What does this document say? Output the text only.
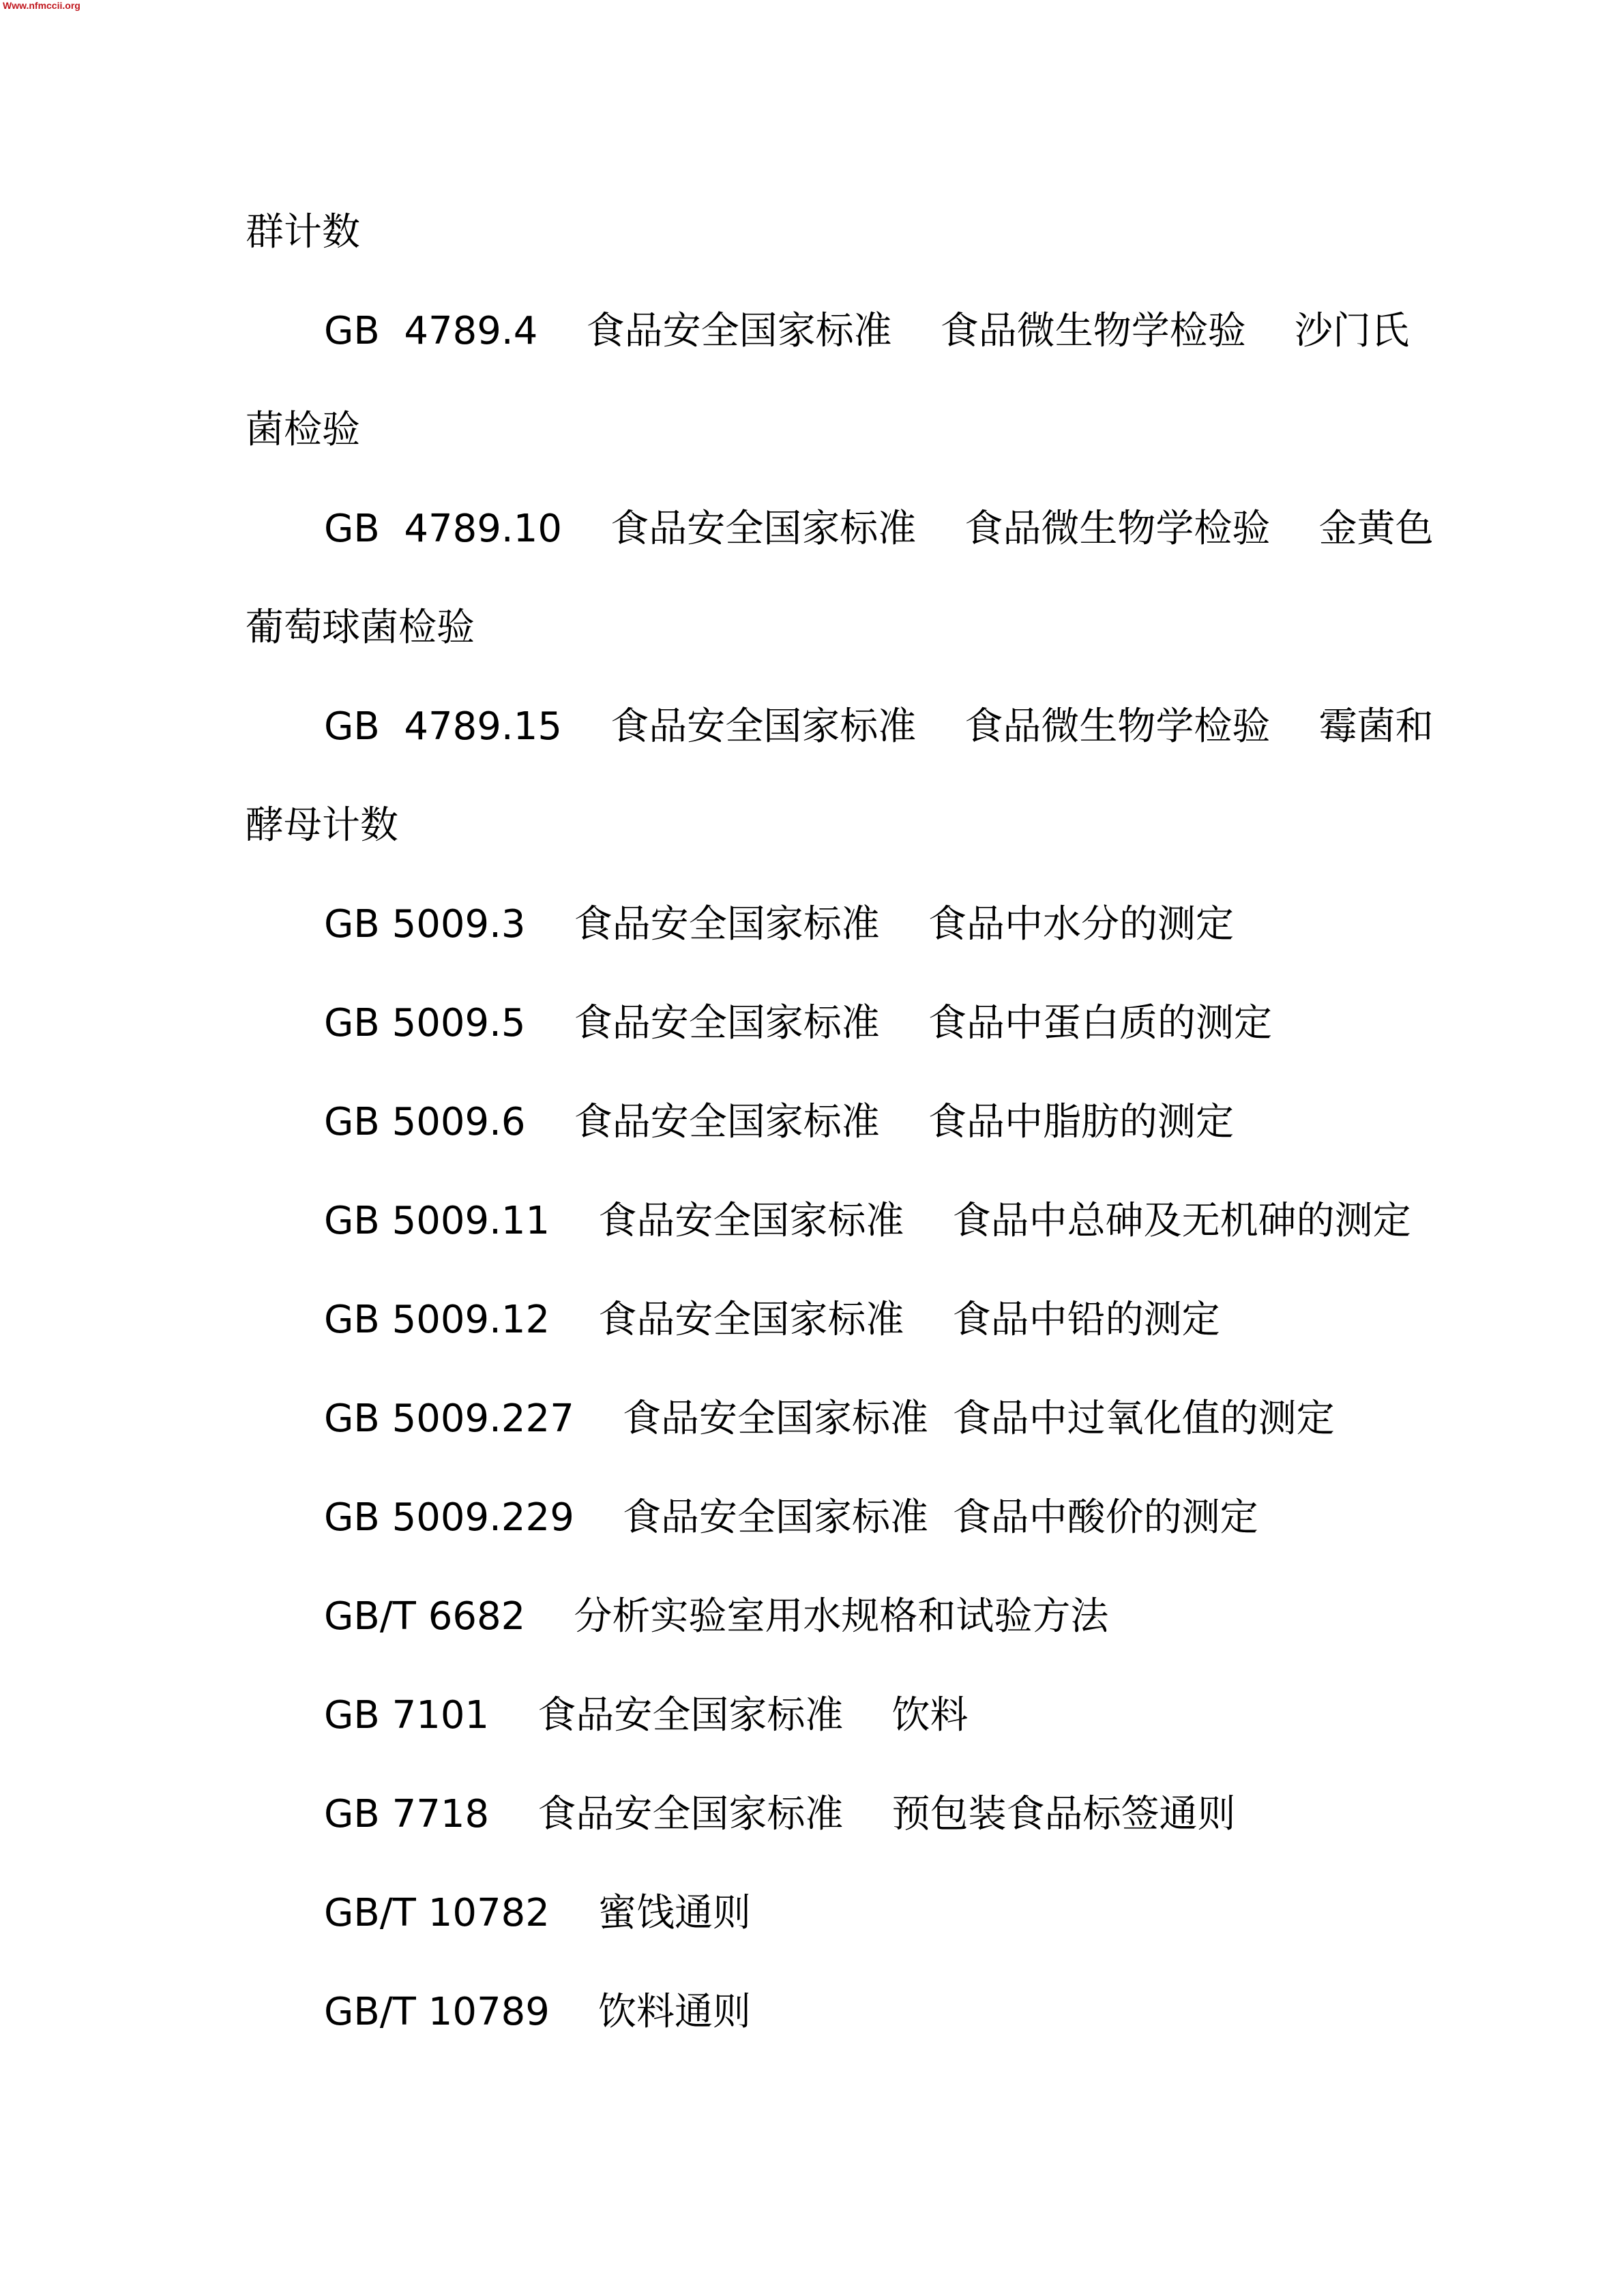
Www.nfmccii.org
群计数
GB  4789.4    食品安全国家标准    食品微生物学检验    沙门氏
菌检验
GB  4789.10    食品安全国家标准    食品微生物学检验    金黄色
葡萄球菌检验
GB  4789.15    食品安全国家标准    食品微生物学检验    霉菌和
酵母计数
GB 5009.3    食品安全国家标准    食品中水分的测定
GB 5009.5    食品安全国家标准    食品中蛋白质的测定
GB 5009.6    食品安全国家标准    食品中脂肪的测定
GB 5009.11    食品安全国家标准    食品中总砷及无机砷的测定
GB 5009.12    食品安全国家标准    食品中铅的测定
GB 5009.227    食品安全国家标准  食品中过氧化值的测定
GB 5009.229    食品安全国家标准  食品中酸价的测定
GB/T 6682    分析实验室用水规格和试验方法
GB 7101    食品安全国家标准    饮料
GB 7718    食品安全国家标准    预包装食品标签通则
GB/T 10782    蜜饯通则
GB/T 10789    饮料通则
